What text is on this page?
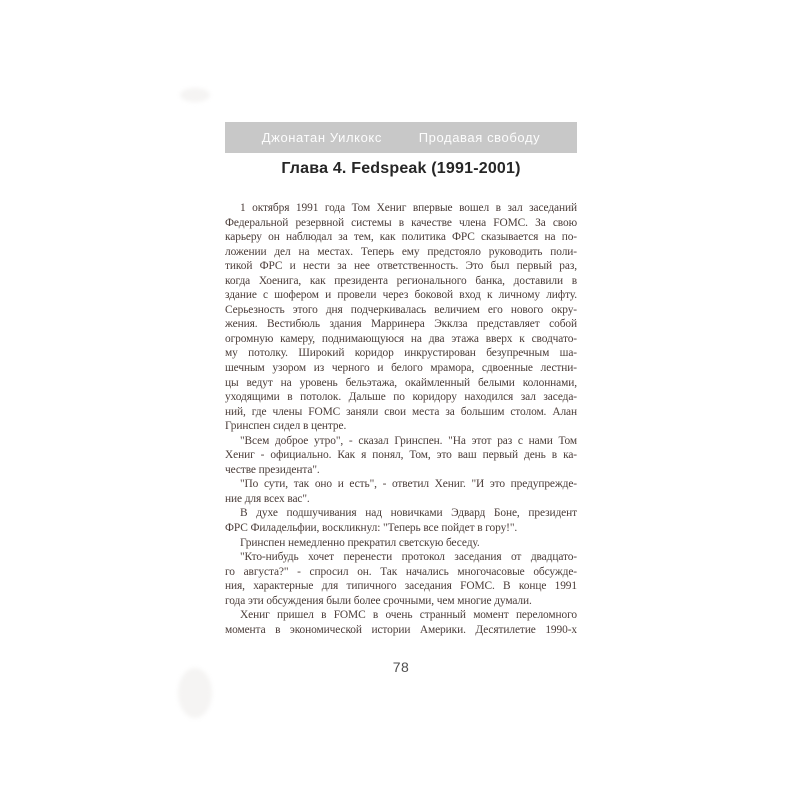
Джонатан Уилкокс	Продавая свободу
Глава 4. Fedspeak (1991-2001)
1 октября 1991 года Том Хениг впервые вошел в зал заседаний
Федеральной резервной системы в качестве члена FOMC. За свою
карьеру он наблюдал за тем, как политика ФРС сказывается на по-
ложении дел на местах. Теперь ему предстояло руководить поли-
тикой ФРС и нести за нее ответственность. Это был первый раз,
когда Хоенига, как президента регионального банка, доставили в
здание с шофером и провели через боковой вход к личному лифту.
Серьезность этого дня подчеркивалась величием его нового окру-
жения. Вестибюль здания Марринера Экклза представляет собой
огромную камеру, поднимающуюся на два этажа вверх к сводчато-
му потолку. Широкий коридор инкрустирован безупречным ша-
шечным узором из черного и белого мрамора, сдвоенные лестни-
цы ведут на уровень бельэтажа, окаймленный белыми колоннами,
уходящими в потолок. Дальше по коридору находился зал заседа-
ний, где члены FOMC заняли свои места за большим столом. Алан
Гринспен сидел в центре.
"Всем доброе утро", - сказал Гринспен. "На этот раз с нами Том
Хениг - официально. Как я понял, Том, это ваш первый день в ка-
честве президента".
"По сути, так оно и есть", - ответил Хениг. "И это предупрежде-
ние для всех вас".
В духе подшучивания над новичками Эдвард Боне, президент
ФРС Филадельфии, воскликнул: "Теперь все пойдет в гору!".
Гринспен немедленно прекратил светскую беседу.
"Кто-нибудь хочет перенести протокол заседания от двадцато-
го августа?" - спросил он. Так начались многочасовые обсужде-
ния, характерные для типичного заседания FOMC. В конце 1991
года эти обсуждения были более срочными, чем многие думали.
Хениг пришел в FOMC в очень странный момент переломного
момента в экономической истории Америки. Десятилетие 1990-х
78
